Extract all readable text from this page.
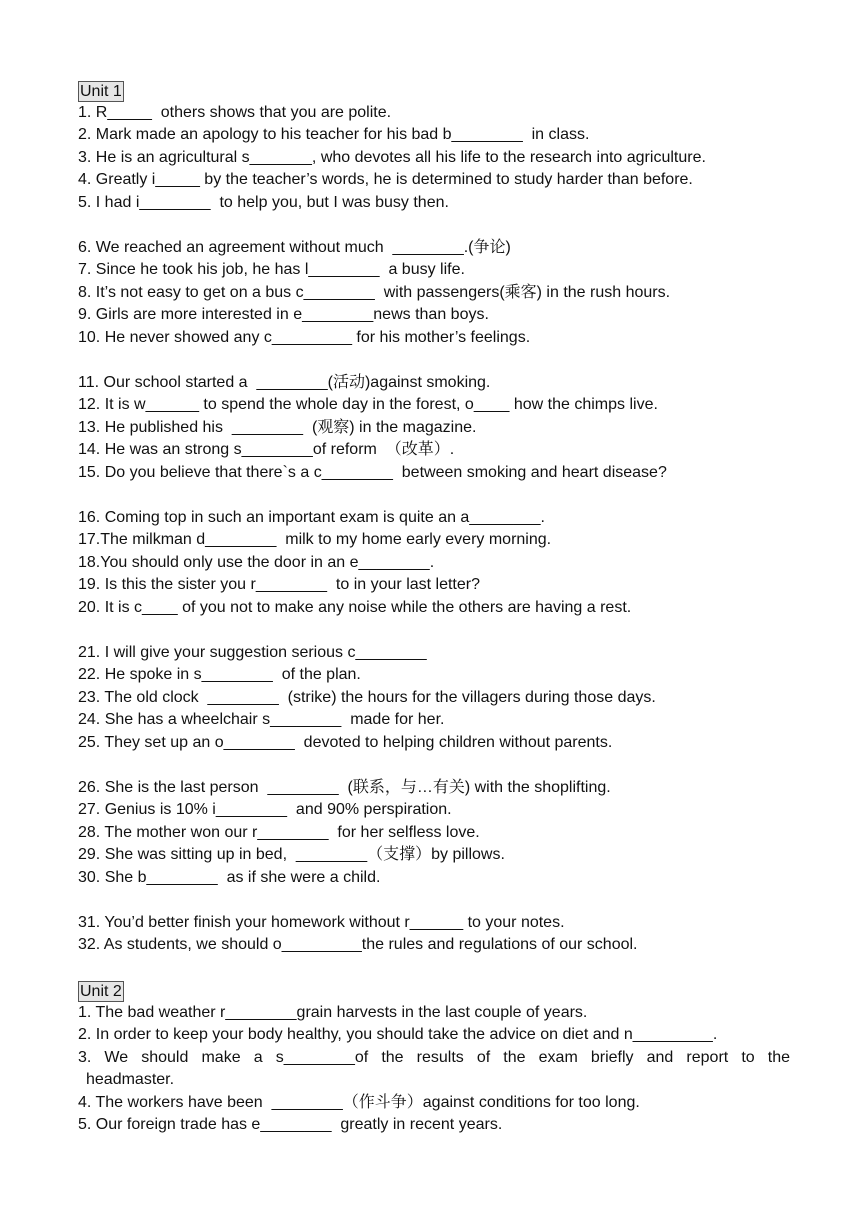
Unit 1
1. R_____  others shows that you are polite.
2. Mark made an apology to his teacher for his bad b________  in class.
3. He is an agricultural s_______, who devotes all his life to the research into agriculture.
4. Greatly i_____ by the teacher’s words, he is determined to study harder than before.
5. I had i________  to help you, but I was busy then.
6. We reached an agreement without much  ________.(争论)
7. Since he took his job, he has l________  a busy life.
8. It’s not easy to get on a bus c________  with passengers(乘客) in the rush hours.
9. Girls are more interested in e________news than boys.
10. He never showed any c_________ for his mother’s feelings.
11. Our school started a  ________(活动)against smoking.
12. It is w______ to spend the whole day in the forest, o____ how the chimps live.
13. He published his  ________  (观察) in the magazine.
14. He was an strong s________of reform  （改革）.
15. Do you believe that there`s a c________  between smoking and heart disease?
16. Coming top in such an important exam is quite an a________.
17.The milkman d________  milk to my home early every morning.
18.You should only use the door in an e________.
19. Is this the sister you r________  to in your last letter?
20. It is c____ of you not to make any noise while the others are having a rest.
21. I will give your suggestion serious c________
22. He spoke in s________  of the plan.
23. The old clock  ________  (strike) the hours for the villagers during those days.
24. She has a wheelchair s________  made for her.
25. They set up an o________  devoted to helping children without parents.
26. She is the last person  ________  (联系，与…有关) with the shoplifting.
27. Genius is 10% i________  and 90% perspiration.
28. The mother won our r________  for her selfless love.
29. She was sitting up in bed,  ________（支撑）by pillows.
30. She b________  as if she were a child.
31. You’d better finish your homework without r______ to your notes.
32. As students, we should o_________the rules and regulations of our school.
Unit 2
1. The bad weather r________grain harvests in the last couple of years.
2. In order to keep your body healthy, you should take the advice on diet and n_________.
3. We should make a s________of the results of the exam briefly and report to the
headmaster.
4. The workers have been  ________（作斗争）against conditions for too long.
5. Our foreign trade has e________  greatly in recent years.
